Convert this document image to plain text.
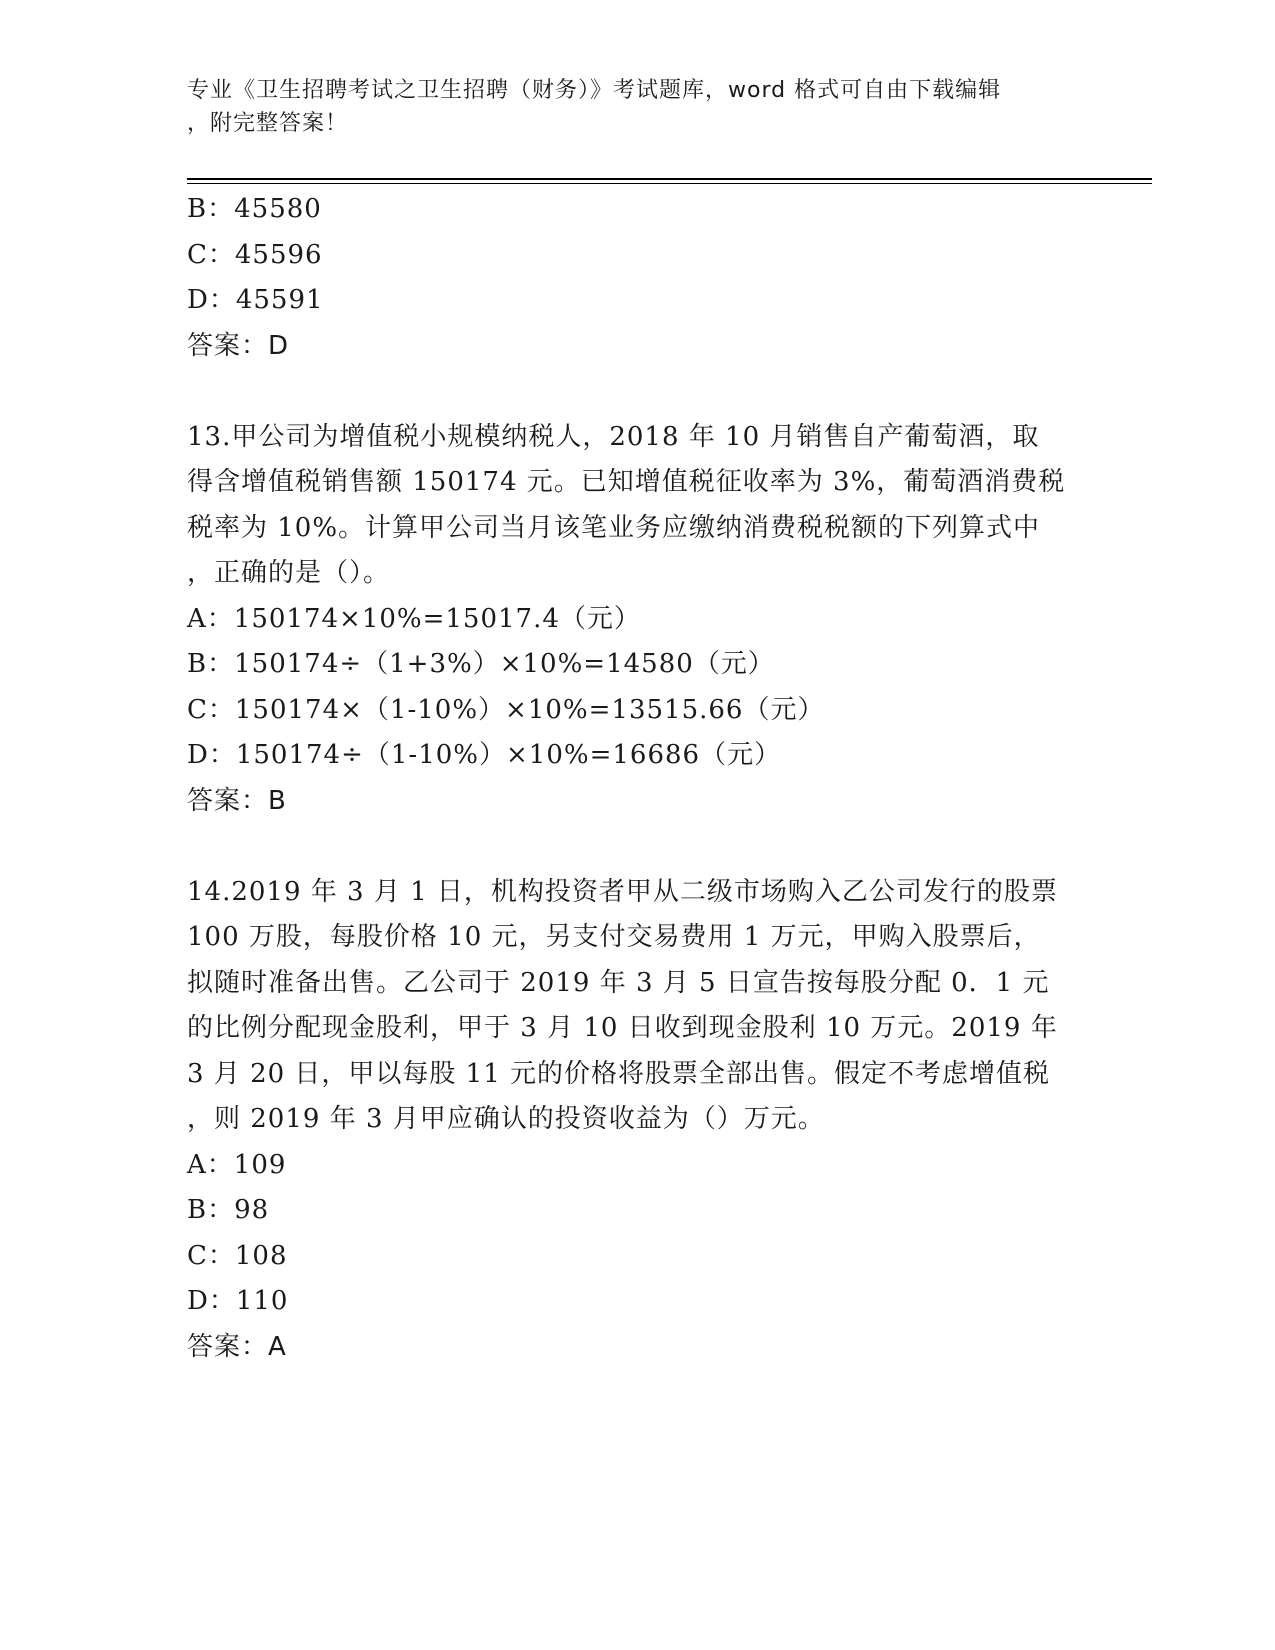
专业《卫生招聘考试之卫生招聘（财务）》考试题库，word 格式可自由下载编辑
，附完整答案！
B：45580
C：45596
D：45591
答案：D
13.甲公司为增值税小规模纳税人，2018 年 10 月销售自产葡萄酒，取
得含增值税销售额 150174 元。已知增值税征收率为 3%，葡萄酒消费税
税率为 10%。计算甲公司当月该笔业务应缴纳消费税税额的下列算式中
，正确的是（）。
A：150174×10%=15017.4（元）
B：150174÷（1+3%）×10%=14580（元）
C：150174×（1-10%）×10%=13515.66（元）
D：150174÷（1-10%）×10%=16686（元）
答案：B
14.2019 年 3 月 1 日，机构投资者甲从二级市场购入乙公司发行的股票
100 万股，每股价格 10 元，另支付交易费用 1 万元，甲购入股票后，
拟随时准备出售。乙公司于 2019 年 3 月 5 日宣告按每股分配 0．1 元
的比例分配现金股利，甲于 3 月 10 日收到现金股利 10 万元。2019 年
3 月 20 日，甲以每股 11 元的价格将股票全部出售。假定不考虑增值税
，则 2019 年 3 月甲应确认的投资收益为（）万元。
A：109
B：98
C：108
D：110
答案：A
